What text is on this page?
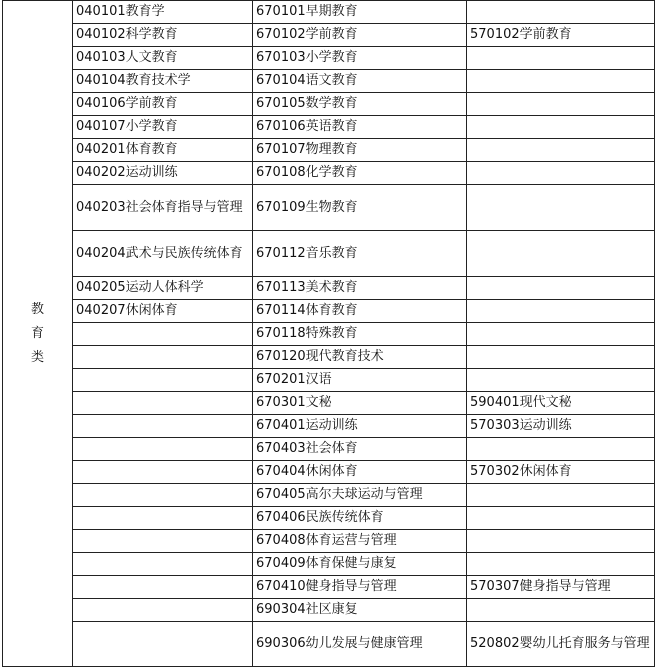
教
育
类	040101教育学	670101早期教育	
	040102科学教育	670102学前教育	570102学前教育
	040103人文教育	670103小学教育	
	040104教育技术学	670104语文教育	
	040106学前教育	670105数学教育	
	040107小学教育	670106英语教育	
	040201体育教育	670107物理教育	
	040202运动训练	670108化学教育	
	040203社会体育指导与管理	670109生物教育	
	040204武术与民族传统体育	670112音乐教育	
	040205运动人体科学	670113美术教育	
	040207休闲体育	670114体育教育	
		670118特殊教育	
		670120现代教育技术	
		670201汉语	
		670301文秘	590401现代文秘
		670401运动训练	570303运动训练
		670403社会体育	
		670404休闲体育	570302休闲体育
		670405高尔夫球运动与管理	
		670406民族传统体育	
		670408体育运营与管理	
		670409体育保健与康复	
		670410健身指导与管理	570307健身指导与管理
		690304社区康复	
		690306幼儿发展与健康管理	520802婴幼儿托育服务与管理
